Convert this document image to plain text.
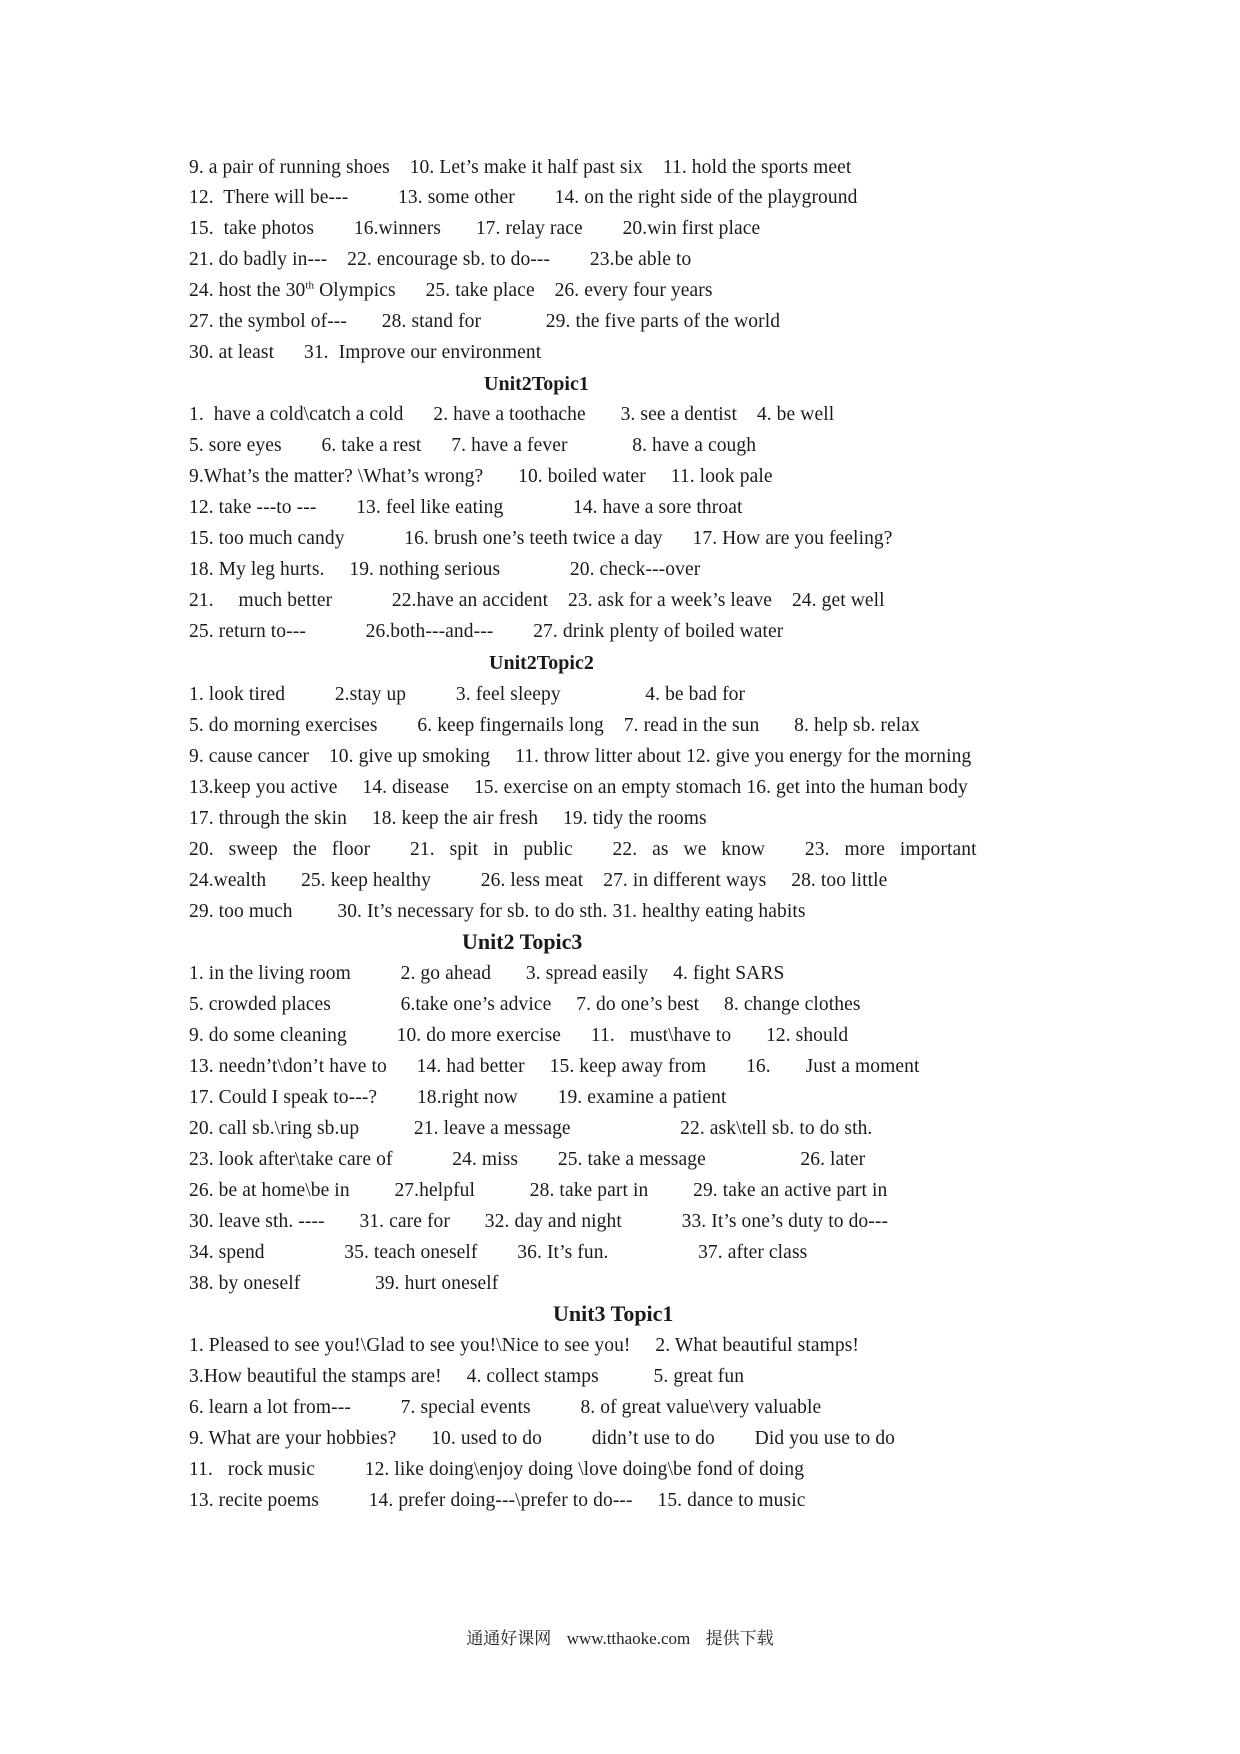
9. a pair of running shoes    10. Let’s make it half past six    11. hold the sports meet
12.  There will be---          13. some other        14. on the right side of the playground
15.  take photos        16.winners       17. relay race        20.win first place
21. do badly in---    22. encourage sb. to do---        23.be able to
24. host the 30th Olympics      25. take place    26. every four years
27. the symbol of---       28. stand for             29. the five parts of the world
30. at least      31.  Improve our environment
Unit2Topic1
1.  have a cold\catch a cold      2. have a toothache       3. see a dentist    4. be well
5. sore eyes        6. take a rest      7. have a fever             8. have a cough
9.What’s the matter? \What’s wrong?       10. boiled water     11. look pale
12. take ---to ---        13. feel like eating              14. have a sore throat
15. too much candy            16. brush one’s teeth twice a day      17. How are you feeling?
18. My leg hurts.     19. nothing serious              20. check---over
21.     much better            22.have an accident    23. ask for a week’s leave    24. get well
25. return to---            26.both---and---        27. drink plenty of boiled water
Unit2Topic2
1. look tired          2.stay up          3. feel sleepy                 4. be bad for
5. do morning exercises        6. keep fingernails long    7. read in the sun       8. help sb. relax
9. cause cancer    10. give up smoking     11. throw litter about 12. give you energy for the morning
13.keep you active     14. disease     15. exercise on an empty stomach 16. get into the human body
17. through the skin     18. keep the air fresh     19. tidy the rooms
20.   sweep   the   floor        21.   spit   in   public        22.   as   we   know        23.   more   important
24.wealth       25. keep healthy          26. less meat    27. in different ways     28. too little
29. too much         30. It’s necessary for sb. to do sth. 31. healthy eating habits
Unit2 Topic3
1. in the living room          2. go ahead       3. spread easily     4. fight SARS
5. crowded places              6.take one’s advice     7. do one’s best     8. change clothes
9. do some cleaning          10. do more exercise      11.   must\have to       12. should
13. needn’t\don’t have to      14. had better     15. keep away from        16.       Just a moment
17. Could I speak to---?        18.right now        19. examine a patient
20. call sb.\ring sb.up           21. leave a message                      22. ask\tell sb. to do sth.
23. look after\take care of            24. miss        25. take a message                   26. later
26. be at home\be in         27.helpful           28. take part in         29. take an active part in
30. leave sth. ----       31. care for       32. day and night            33. It’s one’s duty to do---
34. spend                35. teach oneself        36. It’s fun.                  37. after class
38. by oneself               39. hurt oneself
Unit3 Topic1
1. Pleased to see you!\Glad to see you!\Nice to see you!     2. What beautiful stamps!
3.How beautiful the stamps are!     4. collect stamps           5. great fun
6. learn a lot from---          7. special events          8. of great value\very valuable
9. What are your hobbies?       10. used to do          didn’t use to do        Did you use to do
11.   rock music          12. like doing\enjoy doing \love doing\be fond of doing
13. recite poems          14. prefer doing---\prefer to do---     15. dance to music
通通好课网 www.tthaoke.com 提供下载
